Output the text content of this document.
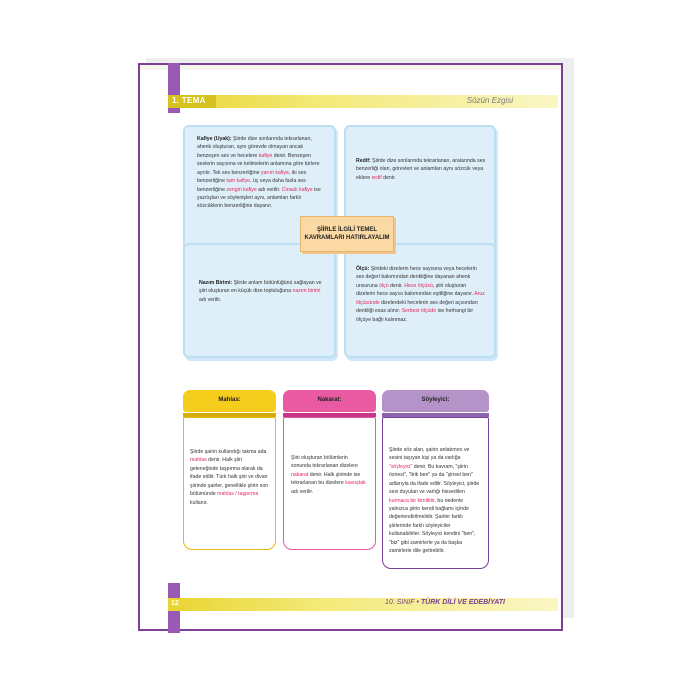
1. TEMA	Sözün Ezgisi
Kafiye (Uyak): Şiirde dize sonlarında tekrarlanan, ahenk oluşturan, aynı görevde olmayan ancak benzeşen ses ve hecelere kafiye denir. Benzeşen seslerin sayısına ve kelimelerin anlamına göre türlere ayrılır. Tek ses benzerliğine yarım kafiye, iki ses benzerliğine tam kafiye, üç veya daha fazla ses benzerliğine zengin kafiye adı verilir. Cinaslı kafiye ise yazılışları ve söylenişleri aynı, anlamları farklı sözcüklerin benzerliğine dayanır.
Redif: Şiirde dize sonlarında tekrarlanan, aralarında ses benzerliği olan, görevleri ve anlamları aynı sözcük veya eklere redif denir.
Nazım Birimi: Şiirde anlam bütünlüğünü sağlayan ve şiiri oluşturan en küçük dize topluluğuna nazım birimi adı verilir.
Ölçü: Şiirdeki dizelerin hece sayısına veya hecelerin ses değeri bakımından denkliğine dayanan ahenk unsuruna ölçü denir. Hece ölçüsü, şiiri oluşturan dizelerin hece sayısı bakımından eşitliğine dayanır. Aruz ölçüsünde dizelerdeki hecelerin ses değeri açısından denkliği esas alınır. Serbest ölçüde ise herhangi bir ölçüye bağlı kalınmaz.
ŞİİRLE İLGİLİ TEMEL
KAVRAMLARI HATIRLAYALIM
Mahlas:
Şiirde şairin kullandığı takma ada mahlas denir. Halk şiiri geleneğinde taşpırma olarak da ifade edilir. Türk halk şiiri ve divan şiirinde şairler, genellikle şiirin son bölümünde mahlas / taşpırma kullanır.
Nakarat:
Şiiri oluşturan bölümlerin sonunda tekrarlanan dizelere nakarat denir. Halk şiirinde ise tekrarlanan bu dizelere kavuştak adı verilir.
Söyleyici:
Şiirde söz alan, şairin anlatımını ve sesini taşıyan kişi ya da varlığa "söyleyici" denir. Bu kavram, "şiirin öznesi", "lirik ben" ya da "şiirsel ben" adlarıyla da ifade edilir. Söyleyici, şiirde sesi duyulan ve varlığı hissedilen kurmaca bir kimliktir, bu nedenle yalnızca şiirin kendi bağlamı içinde değerlendirilmelidir. Şairler farklı şiirlerinde farklı söyleyiciler kullanabilirler. Söyleyici kendini "ben", "biz" gibi zamirlerle ya da başka zamirlerle dile getirebilir.
12	10. SINIF • TÜRK DİLİ VE EDEBİYATI
